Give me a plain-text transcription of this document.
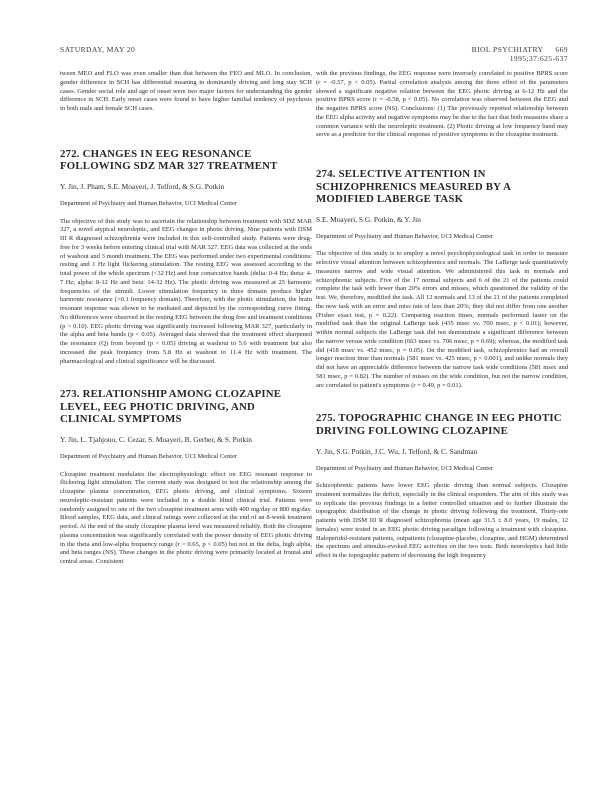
SATURDAY, MAY 20	BIOL PSYCHIATRY 669
1995;37:625-637

tween MEO and FLO was even smaller than that between the FEO and MLO. In conclusion, gender difference in SCH has differential meaning in dominantly driving and long stay SCH cases. Gender social role and age of onset were two major factors for understanding the gender difference in SCH. Early onset cases were found to have higher familial tendency of psychosis in both male and female SCH cases.

272. CHANGES IN EEG RESONANCE FOLLOWING SDZ MAR 327 TREATMENT

Y. Jin, J. Pham, S.E. Moayeri, J. Telford, & S.G. Potkin

Department of Psychiatry and Human Behavior, UCI Medical Center

The objective of this study was to ascertain the relationship between treatment with SDZ MAR 327, a novel atypical neuroleptic, and EEG changes in photic driving. Nine patients with DSM III R diagnosed schizophrenia were included in this self-controlled study. Patients were drug-free for 3 weeks before entering clinical trial with MAR 327. EEG data was collected at the ends of washout and 3 month treatment. The EEG was performed under two experimental conditions: resting and 1 Hz light flickering stimulation. The resting EEG was assessed according to the total power of the whole spectrum (<32 Hz) and four consecutive bands (delta: 0-4 Hz; theta: 4-7 Hz; alpha: 8-12 Hz and beta: 14-32 Hz). The photic driving was measured at 25 harmonic frequencies of the stimuli. Lower stimulation frequency in three domain produce higher harmonic resonance (>0.1 frequency domain). Therefore, with the photic stimulation, the brain resonant response was shown to be mediated and depicted by the corresponding curve fitting. No differences were observed in the resting EEG between the drug free and treatment conditions (p > 0.10). EEG photic driving was significantly increased following MAR 327, particularly in the alpha and beta bands (p < 0.05). Averaged data showed that the treatment effect sharpened the resonance (Q) from beyond (p < 0.05) driving at washout to 5.6 with treatment but also increased the peak frequency from 5.8 Hz at washout to 11.4 Hz with treatment. The pharmacological and clinical significance will be discussed.

273. RELATIONSHIP AMONG CLOZAPINE LEVEL, EEG PHOTIC DRIVING, AND CLINICAL SYMPTOMS

Y. Jin, L. Tjahjono, C. Cezar, S. Moayeri, B. Gerber, & S. Potkin

Department of Psychiatry and Human Behavior, UCI Medical Center

Clozapine treatment modulates the electrophysiologic effect on EEG resonant response to flickering light stimulation. The current study was designed to test the relationship among the clozapine plasma concentration, EEG photic driving, and clinical symptoms. Sixteen neuroleptic-resistant patients were included in a double blind clinical trial. Patients were randomly assigned to one of the two clozapine treatment arms with 400 mg/day or 800 mg/day. Blood samples, EEG data, and clinical ratings were collected at the end of an 8-week treatment period. At the end of the study clozapine plasma level was measured reliably. Both the clozapine plasma concentration was significantly correlated with the power density of EEG photic driving in the theta and low-alpha frequency range (r > 0.65, p < 0.05) but not in the delta, high alpha, and beta ranges (NS). These changes in the photic driving were primarily located at frontal and central areas. Consistent

with the previous findings, the EEG response were inversely correlated to positive BPRS score (r = -0.57, p < 0.05). Partial correlation analysis among the three effect of the parameters showed a significant negative relation between the EEG photic driving at 6-12 Hz and the positive BPRS score (r = -0.58, p < 0.05). No correlation was observed between the EEG and the negative BPRS score (NS). Conclusions: (1) The previously reported relationship between the EEG alpha activity and negative symptoms may be due to the fact that both measures share a common variance with the neuroleptic treatment. (2) Photic driving at low frequency band may serve as a predictor for the clinical response of positive symptoms to the clozapine treatment.

274. SELECTIVE ATTENTION IN SCHIZOPHRENICS MEASURED BY A MODIFIED LABERGE TASK

S.E. Moayeri, S.G. Potkin, & Y. Jin

Department of Psychiatry and Human Behavior, UCI Medical Center

The objective of this study is to employ a novel psychophysiological task in order to measure selective visual attention between schizophrenics and normals. The LaBerge task quantitatively measures narrow and wide visual attention. We administered this task in normals and schizophrenic subjects. Five of the 17 normal subjects and 6 of the 21 of the patients could complete the task with fewer than 20% errors and misses, which questioned the validity of the test. We, therefore, modified the task. All 12 normals and 13 of the 21 of the patients completed the new task with an error and miss rate of less than 20%; they did not differ from one another (Fisher exact test, p = 0.22). Comparing reaction times, normals performed faster on the modified task than the original LaBerge task (435 msec vs. 700 msec, p < 0.01); however, within normal subjects the LaBerge task did not demonstrate a significant difference between the narrow versus wide condition (663 msec vs. 706 msec, p = 0.69); whereas, the modified task did (418 msec vs. 452 msec, p = 0.05). On the modified task, schizophrenics had an overall longer reaction time than normals (581 msec vs. 425 msec, p < 0.001), and unlike normals they did not have an appreciable difference between the narrow task wide conditions (581 msec and 581 msec, p = 0.82). The number of misses on the wide condition, but not the narrow condition, are correlated to patient's symptoms (r = 0.49, p = 0.01).

275. TOPOGRAPHIC CHANGE IN EEG PHOTIC DRIVING FOLLOWING CLOZAPINE

Y. Jin, S.G. Potkin, J.C. Wu, J. Telford, & C. Sandman

Department of Psychiatry and Human Behavior, UCI Medical Center

Schizophrenic patients have lower EEG photic driving than normal subjects. Clozapine treatment normalizes the deficit, especially in the clinical responders. The aim of this study was to replicate the previous findings in a better controlled situation and to further illustrate the topographic distribution of the change in photic driving following the treatment. Thirty-one patients with DSM III R diagnosed schizophrenia (mean age 31.5 ± 8.0 years, 19 males, 12 females) were tested in an EEG photic driving paradigm following a treatment with clozapine. Haloperidol-resistant patients, outpatients (clozapine-placebo, clozapine, and HGM) determined the spectrum and stimulus-evoked EEG activities on the two tests. Both neuroleptics had little effect in the topographic pattern of decreasing the high frequency
